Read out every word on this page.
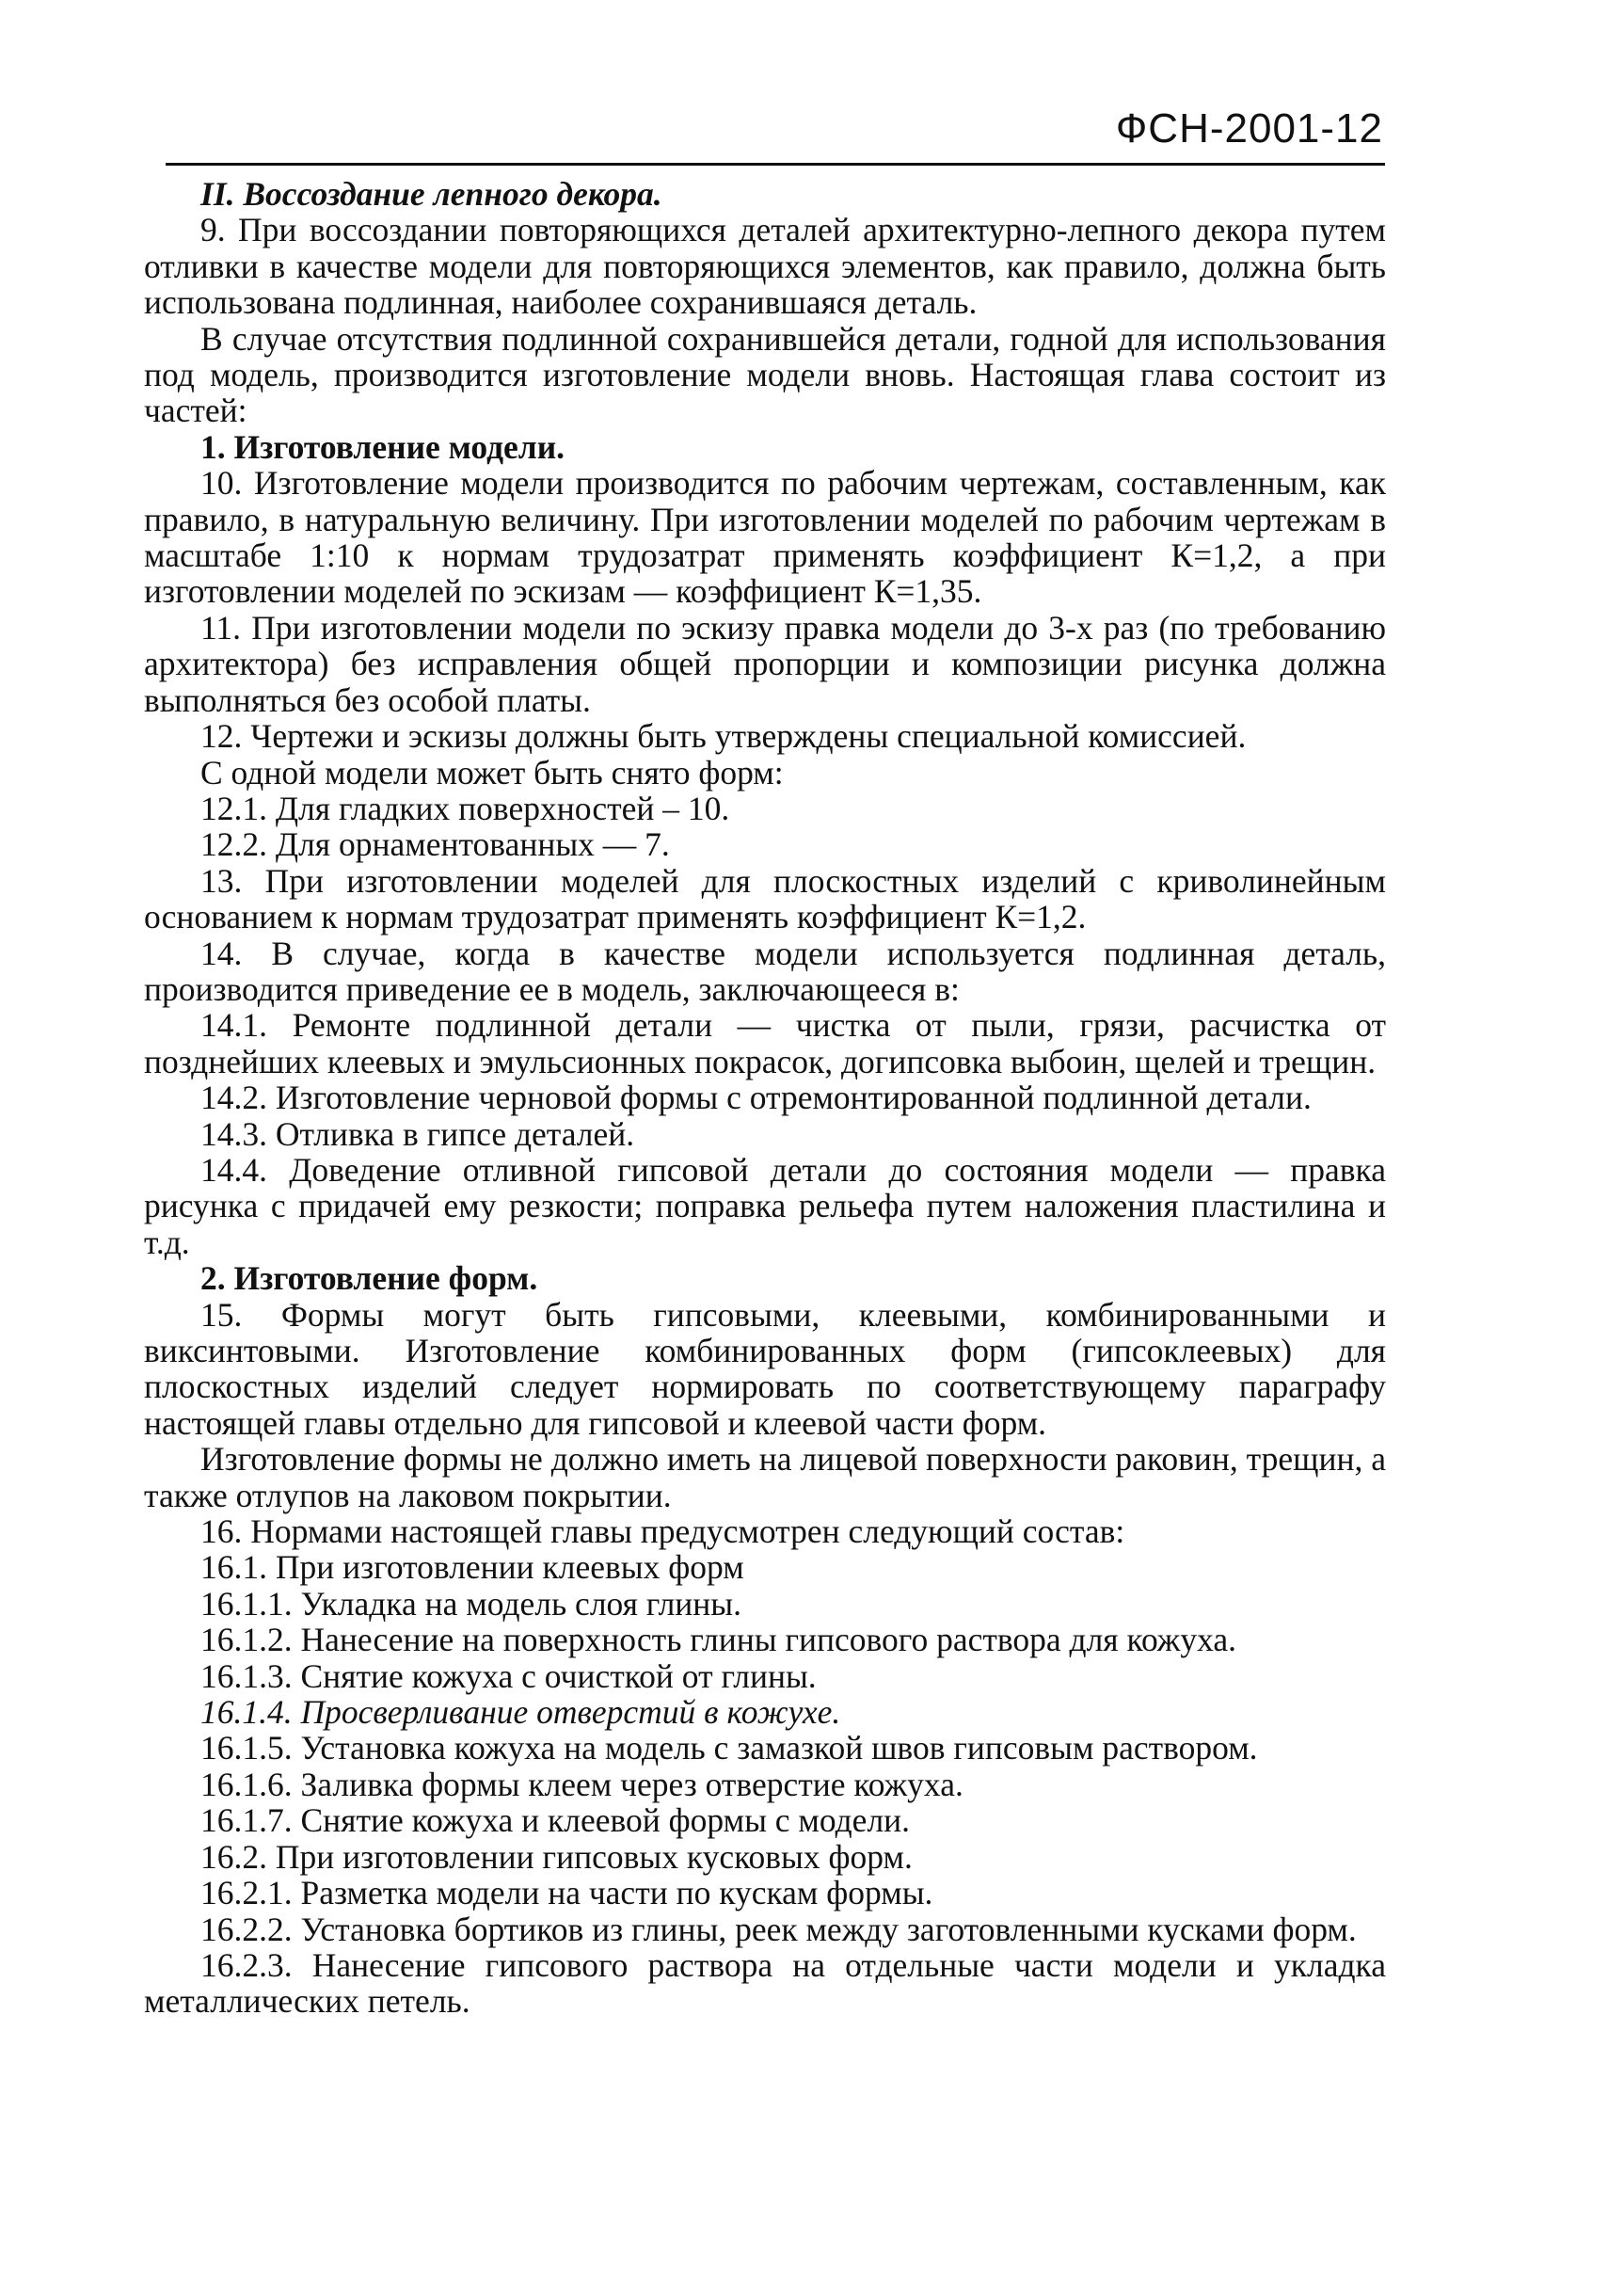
ФСН-2001-12

II. Воссоздание лепного декора.

9. При воссоздании повторяющихся деталей архитектурно-лепного декора путем отливки в качестве модели для повторяющихся элементов, как правило, должна быть использована подлинная, наиболее сохранившаяся деталь.

В случае отсутствия подлинной сохранившейся детали, годной для использования под модель, производится изготовление модели вновь. Настоящая глава состоит из частей:

1. Изготовление модели.

10. Изготовление модели производится по рабочим чертежам, составленным, как правило, в натуральную величину. При изготовлении моделей по рабочим чертежам в масштабе 1:10 к нормам трудозатрат применять коэффициент К=1,2, а при изготовлении моделей по эскизам — коэффициент К=1,35.

11. При изготовлении модели по эскизу правка модели до 3-х раз (по требованию архитектора) без исправления общей пропорции и композиции рисунка должна выполняться без особой платы.

12. Чертежи и эскизы должны быть утверждены специальной комиссией.

С одной модели может быть снято форм:

12.1. Для гладких поверхностей – 10.

12.2. Для орнаментованных — 7.

13. При изготовлении моделей для плоскостных изделий с криволинейным основанием к нормам трудозатрат применять коэффициент К=1,2.

14. В случае, когда в качестве модели используется подлинная деталь, производится приведение ее в модель, заключающееся в:

14.1. Ремонте подлинной детали — чистка от пыли, грязи, расчистка от позднейших клеевых и эмульсионных покрасок, догипсовка выбоин, щелей и трещин.

14.2. Изготовление черновой формы с отремонтированной подлинной детали.

14.3. Отливка в гипсе деталей.

14.4. Доведение отливной гипсовой детали до состояния модели — правка рисунка с придачей ему резкости; поправка рельефа путем наложения пластилина и т.д.

2. Изготовление форм.

15. Формы могут быть гипсовыми, клеевыми, комбинированными и виксинтовыми. Изготовление комбинированных форм (гипсоклеевых) для плоскостных изделий следует нормировать по соответствующему параграфу настоящей главы отдельно для гипсовой и клеевой части форм.

Изготовление формы не должно иметь на лицевой поверхности раковин, трещин, а также отлупов на лаковом покрытии.

16. Нормами настоящей главы предусмотрен следующий состав:

16.1. При изготовлении клеевых форм

16.1.1. Укладка на модель слоя глины.

16.1.2. Нанесение на поверхность глины гипсового раствора для кожуха.

16.1.3. Снятие кожуха с очисткой от глины.

16.1.4. Просверливание отверстий в кожухе.

16.1.5. Установка кожуха на модель с замазкой швов гипсовым раствором.

16.1.6. Заливка формы клеем через отверстие кожуха.

16.1.7. Снятие кожуха и клеевой формы с модели.

16.2. При изготовлении гипсовых кусковых форм.

16.2.1. Разметка модели на части по кускам формы.

16.2.2. Установка бортиков из глины, реек между заготовленными кусками форм.

16.2.3. Нанесение гипсового раствора на отдельные части модели и укладка металлических петель.
